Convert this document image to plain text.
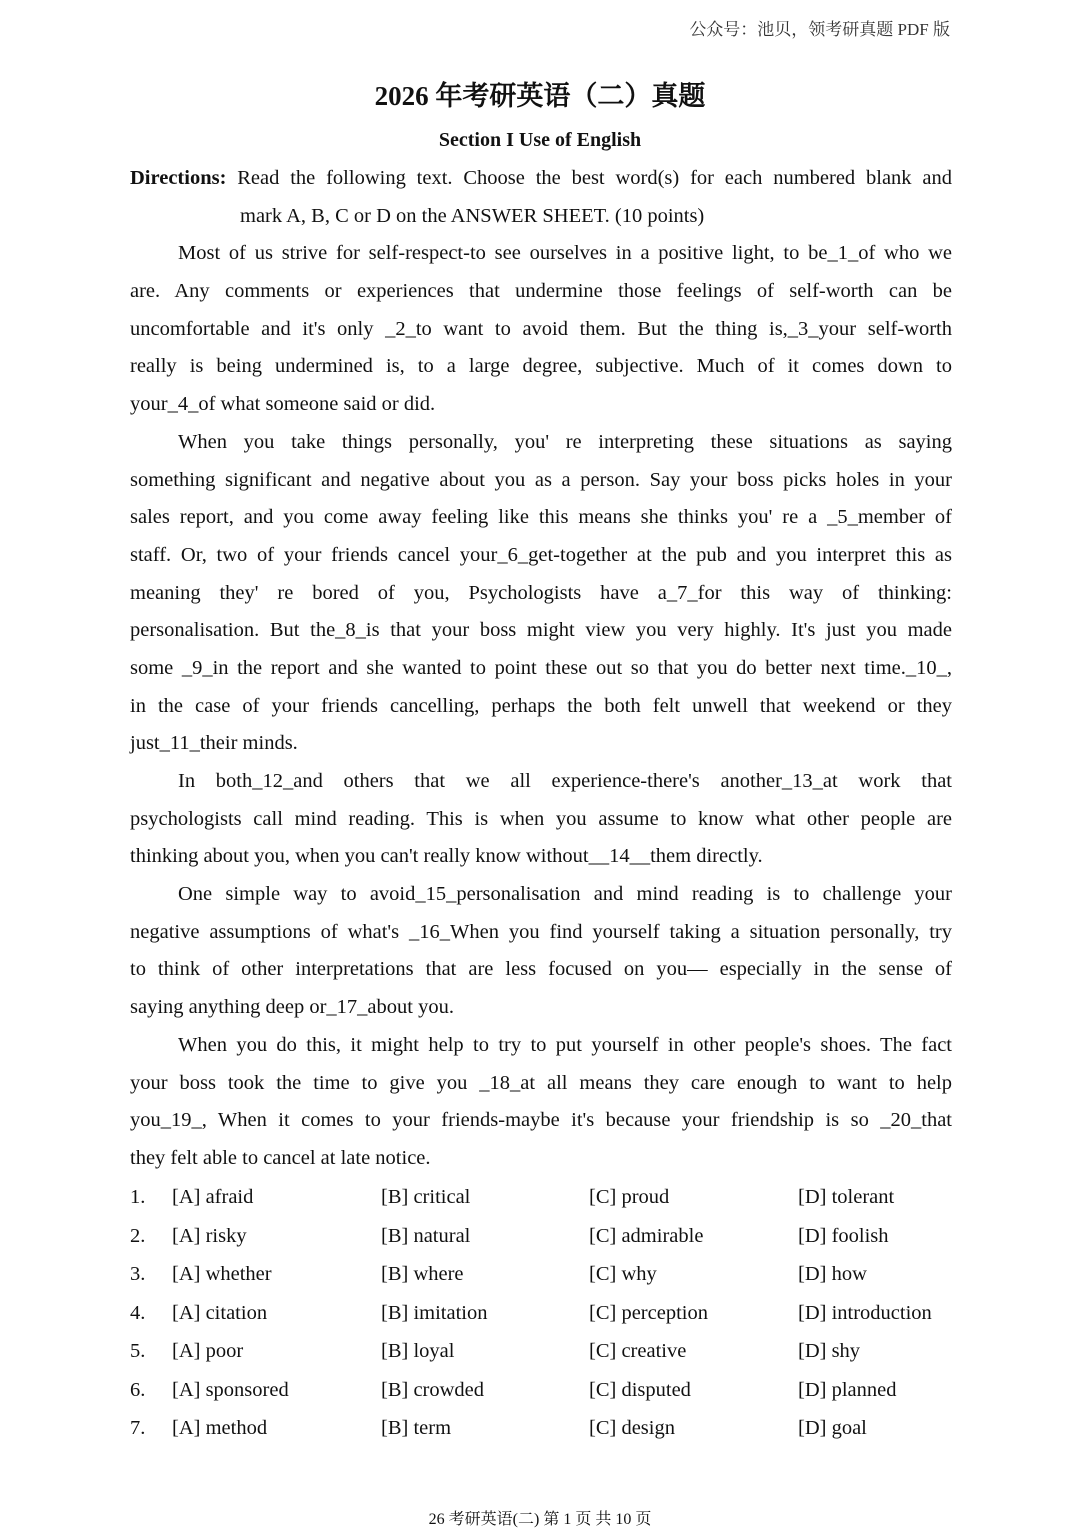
公众号：池贝，领考研真题 PDF 版
2026 年考研英语（二）真题
Section I Use of English
Directions: Read the following text. Choose the best word(s) for each numbered blank and
mark A, B, C or D on the ANSWER SHEET. (10 points)
Most of us strive for self-respect-to see ourselves in a positive light, to be_1_of who we
are. Any comments or experiences that undermine those feelings of self-worth can be
uncomfortable and it's only _2_to want to avoid them. But the thing is,_3_your self-worth
really is being undermined is, to a large degree, subjective. Much of it comes down to
your_4_of what someone said or did.
When you take things personally, you' re interpreting these situations as saying
something significant and negative about you as a person. Say your boss picks holes in your
sales report, and you come away feeling like this means she thinks you' re a _5_member of
staff. Or, two of your friends cancel your_6_get-together at the pub and you interpret this as
meaning they' re bored of you, Psychologists have a_7_for this way of thinking:
personalisation. But the_8_is that your boss might view you very highly. It's just you made
some _9_in the report and she wanted to point these out so that you do better next time._10_,
in the case of your friends cancelling, perhaps the both felt unwell that weekend or they
just_11_their minds.
In both_12_and others that we all experience-there's another_13_at work that
psychologists call mind reading. This is when you assume to know what other people are
thinking about you, when you can't really know without__14__them directly.
One simple way to avoid_15_personalisation and mind reading is to challenge your
negative assumptions of what's _16_When you find yourself taking a situation personally, try
to think of other interpretations that are less focused on you— especially in the sense of
saying anything deep or_17_about you.
When you do this, it might help to try to put yourself in other people's shoes. The fact
your boss took the time to give you _18_at all means they care enough to want to help
you_19_, When it comes to your friends-maybe it's because your friendship is so _20_that
they felt able to cancel at late notice.
1. [A] afraid	[B] critical	[C] proud	[D] tolerant
2. [A] risky	[B] natural	[C] admirable	[D] foolish
3. [A] whether	[B] where	[C] why	[D] how
4. [A] citation	[B] imitation	[C] perception	[D] introduction
5. [A] poor	[B] loyal	[C] creative	[D] shy
6. [A] sponsored	[B] crowded	[C] disputed	[D] planned
7. [A] method	[B] term	[C] design	[D] goal
26 考研英语(二) 第 1 页 共 10 页
